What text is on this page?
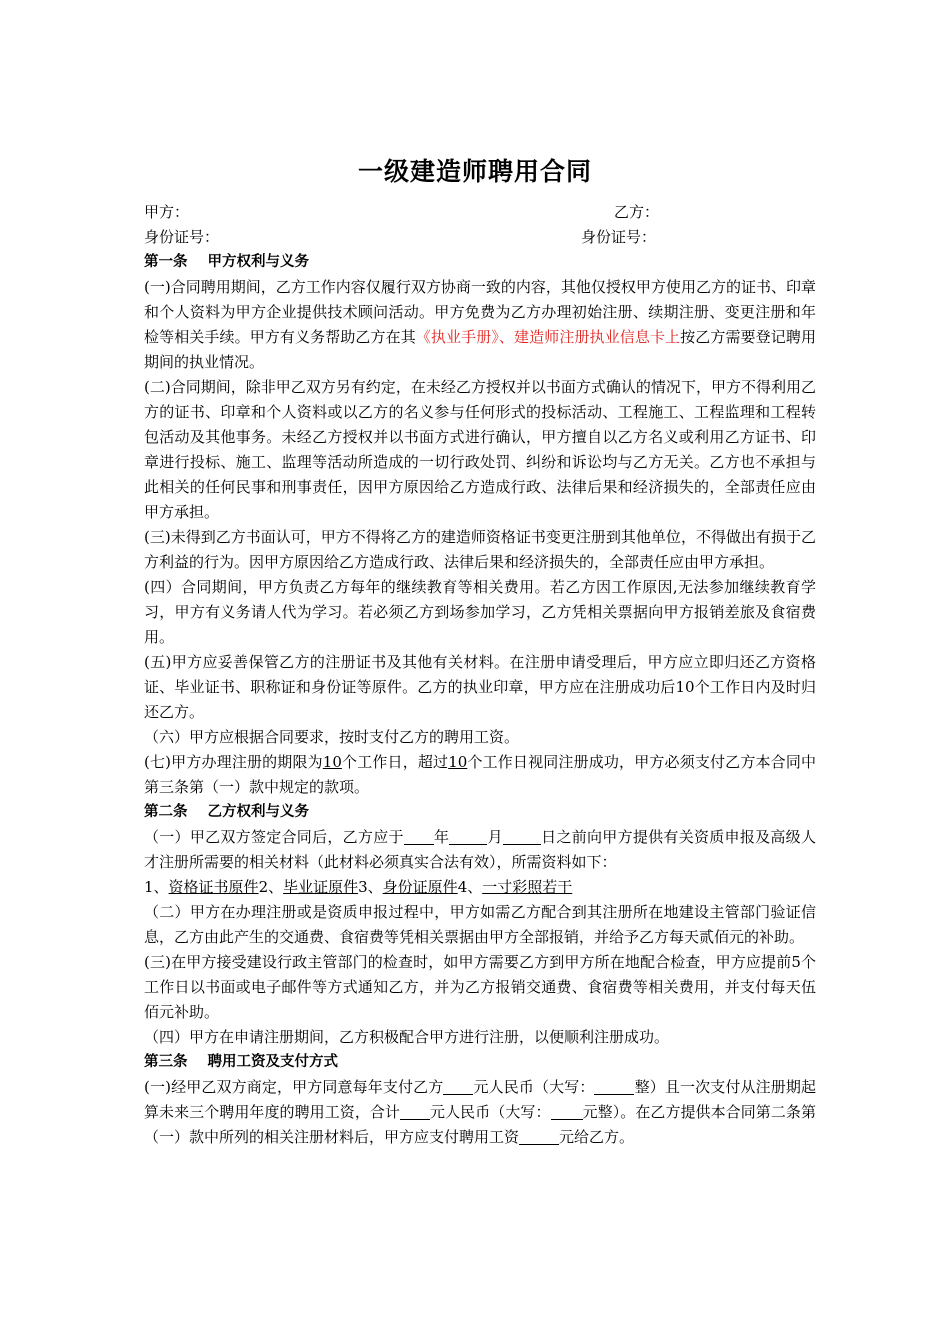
一级建造师聘用合同
甲方：	乙方：
身份证号：	身份证号：
第一条 甲方权利与义务

(一)合同聘用期间，乙方工作内容仅履行双方协商一致的内容，其他仅授权甲方使用乙方的证书、印章和个人资料为甲方企业提供技术顾问活动。甲方免费为乙方办理初始注册、续期注册、变更注册和年检等相关手续。甲方有义务帮助乙方在其《执业手册》、建造师注册执业信息卡上按乙方需要登记聘用期间的执业情况。

(二)合同期间，除非甲乙双方另有约定，在未经乙方授权并以书面方式确认的情况下，甲方不得利用乙方的证书、印章和个人资料或以乙方的名义参与任何形式的投标活动、工程施工、工程监理和工程转包活动及其他事务。未经乙方授权并以书面方式进行确认，甲方擅自以乙方名义或利用乙方证书、印章进行投标、施工、监理等活动所造成的一切行政处罚、纠纷和诉讼均与乙方无关。乙方也不承担与此相关的任何民事和刑事责任，因甲方原因给乙方造成行政、法律后果和经济损失的，全部责任应由甲方承担。

(三)未得到乙方书面认可，甲方不得将乙方的建造师资格证书变更注册到其他单位，不得做出有损于乙方利益的行为。因甲方原因给乙方造成行政、法律后果和经济损失的，全部责任应由甲方承担。

(四）合同期间，甲方负责乙方每年的继续教育等相关费用。若乙方因工作原因,无法参加继续教育学习，甲方有义务请人代为学习。若必须乙方到场参加学习，乙方凭相关票据向甲方报销差旅及食宿费用。

(五)甲方应妥善保管乙方的注册证书及其他有关材料。在注册申请受理后，甲方应立即归还乙方资格证、毕业证书、职称证和身份证等原件。乙方的执业印章，甲方应在注册成功后10个工作日内及时归还乙方。

（六）甲方应根据合同要求，按时支付乙方的聘用工资。

(七)甲方办理注册的期限为10个工作日，超过10个工作日视同注册成功，甲方必须支付乙方本合同中第三条第（一）款中规定的款项。

第二条 乙方权利与义务

（一）甲乙双方签定合同后，乙方应于 年	月	日之前向甲方提供有关资质申报及高级人才注册所需要的相关材料（此材料必须真实合法有效），所需资料如下：

1、资格证书原件2、毕业证原件3、身份证原件4、一寸彩照若干

（二）甲方在办理注册或是资质申报过程中，甲方如需乙方配合到其注册所在地建设主管部门验证信息，乙方由此产生的交通费、食宿费等凭相关票据由甲方全部报销，并给予乙方每天贰佰元的补助。

(三)在甲方接受建设行政主管部门的检查时，如甲方需要乙方到甲方所在地配合检查，甲方应提前5个工作日以书面或电子邮件等方式通知乙方，并为乙方报销交通费、食宿费等相关费用，并支付每天伍佰元补助。

（四）甲方在申请注册期间，乙方积极配合甲方进行注册，以便顺利注册成功。

第三条 聘用工资及支付方式

(一)经甲乙双方商定，甲方同意每年支付乙方 元人民币（大写：	整）且一次支付从注册期起算未来三个聘用年度的聘用工资，合计 元人民币（大写： 元整）。在乙方提供本合同第二条第（一）款中所列的相关注册材料后，甲方应支付聘用工资	元给乙方。
